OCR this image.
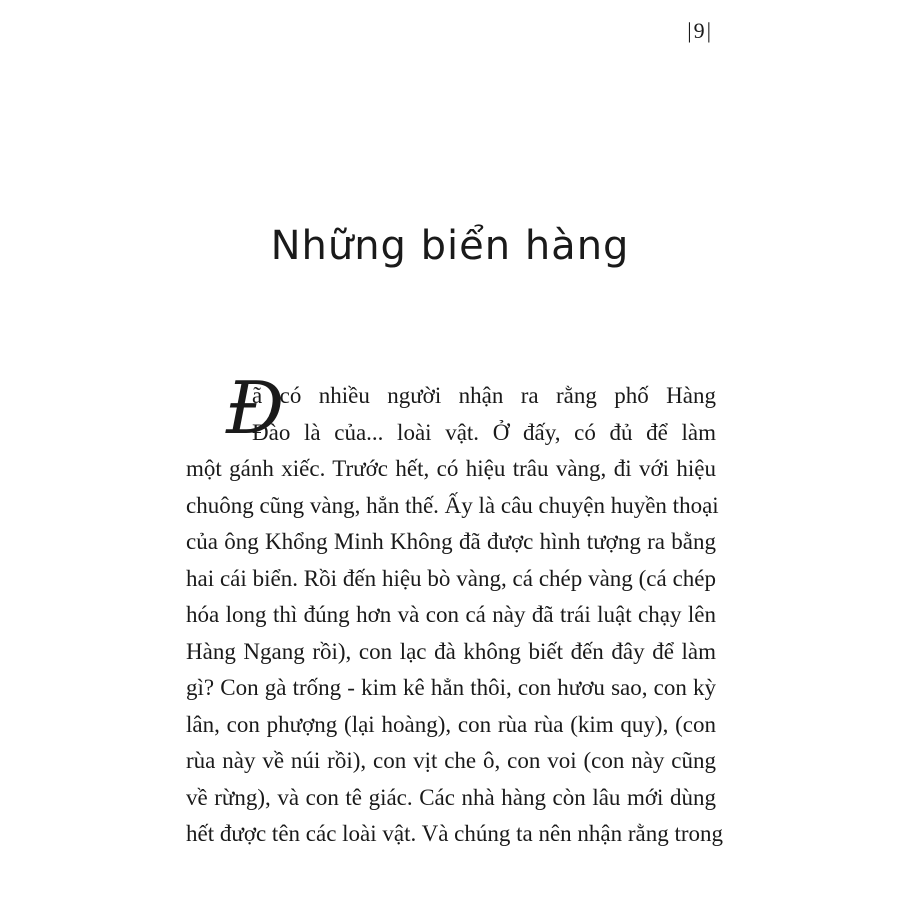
|9|
Những biển hàng
Đ
ã có nhiều người nhận ra rằng phố Hàng
Đào là của... loài vật. Ở đấy, có đủ để làm
một gánh xiếc. Trước hết, có hiệu trâu vàng, đi với hiệu
chuông cũng vàng, hẳn thế. Ấy là câu chuyện huyền thoại
của ông Khổng Minh Không đã được hình tượng ra bằng
hai cái biển. Rồi đến hiệu bò vàng, cá chép vàng (cá chép
hóa long thì đúng hơn và con cá này đã trái luật chạy lên
Hàng Ngang rồi), con lạc đà không biết đến đây để làm
gì? Con gà trống - kim kê hẳn thôi, con hươu sao, con kỳ
lân, con phượng (lại hoàng), con rùa rùa (kim quy), (con
rùa này về núi rồi), con vịt che ô, con voi (con này cũng
về rừng), và con tê giác. Các nhà hàng còn lâu mới dùng
hết được tên các loài vật. Và chúng ta nên nhận rằng trong
